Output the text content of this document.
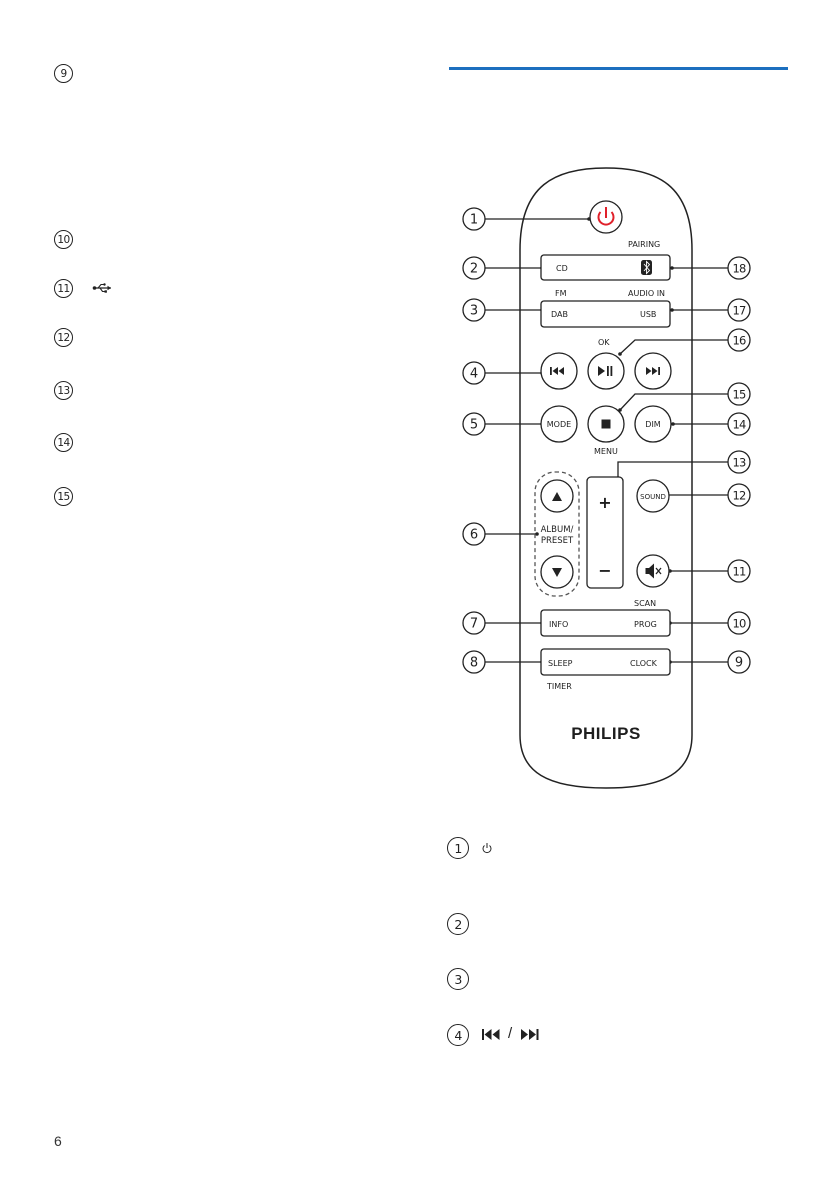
9
10
11
12
13
14
15
PAIRING
CD
FM	AUDIO IN
DAB	USB
OK
MODE	DIM
MENU
ALBUM/
PRESET
+
−
SOUND
SCAN
INFO	PROG
SLEEP	CLOCK
TIMER
PHILIPS
1
2
3
4
5
6
7
8	9
10
11
12
13
14
15
16
17
18
1
2
3
4	/
6
